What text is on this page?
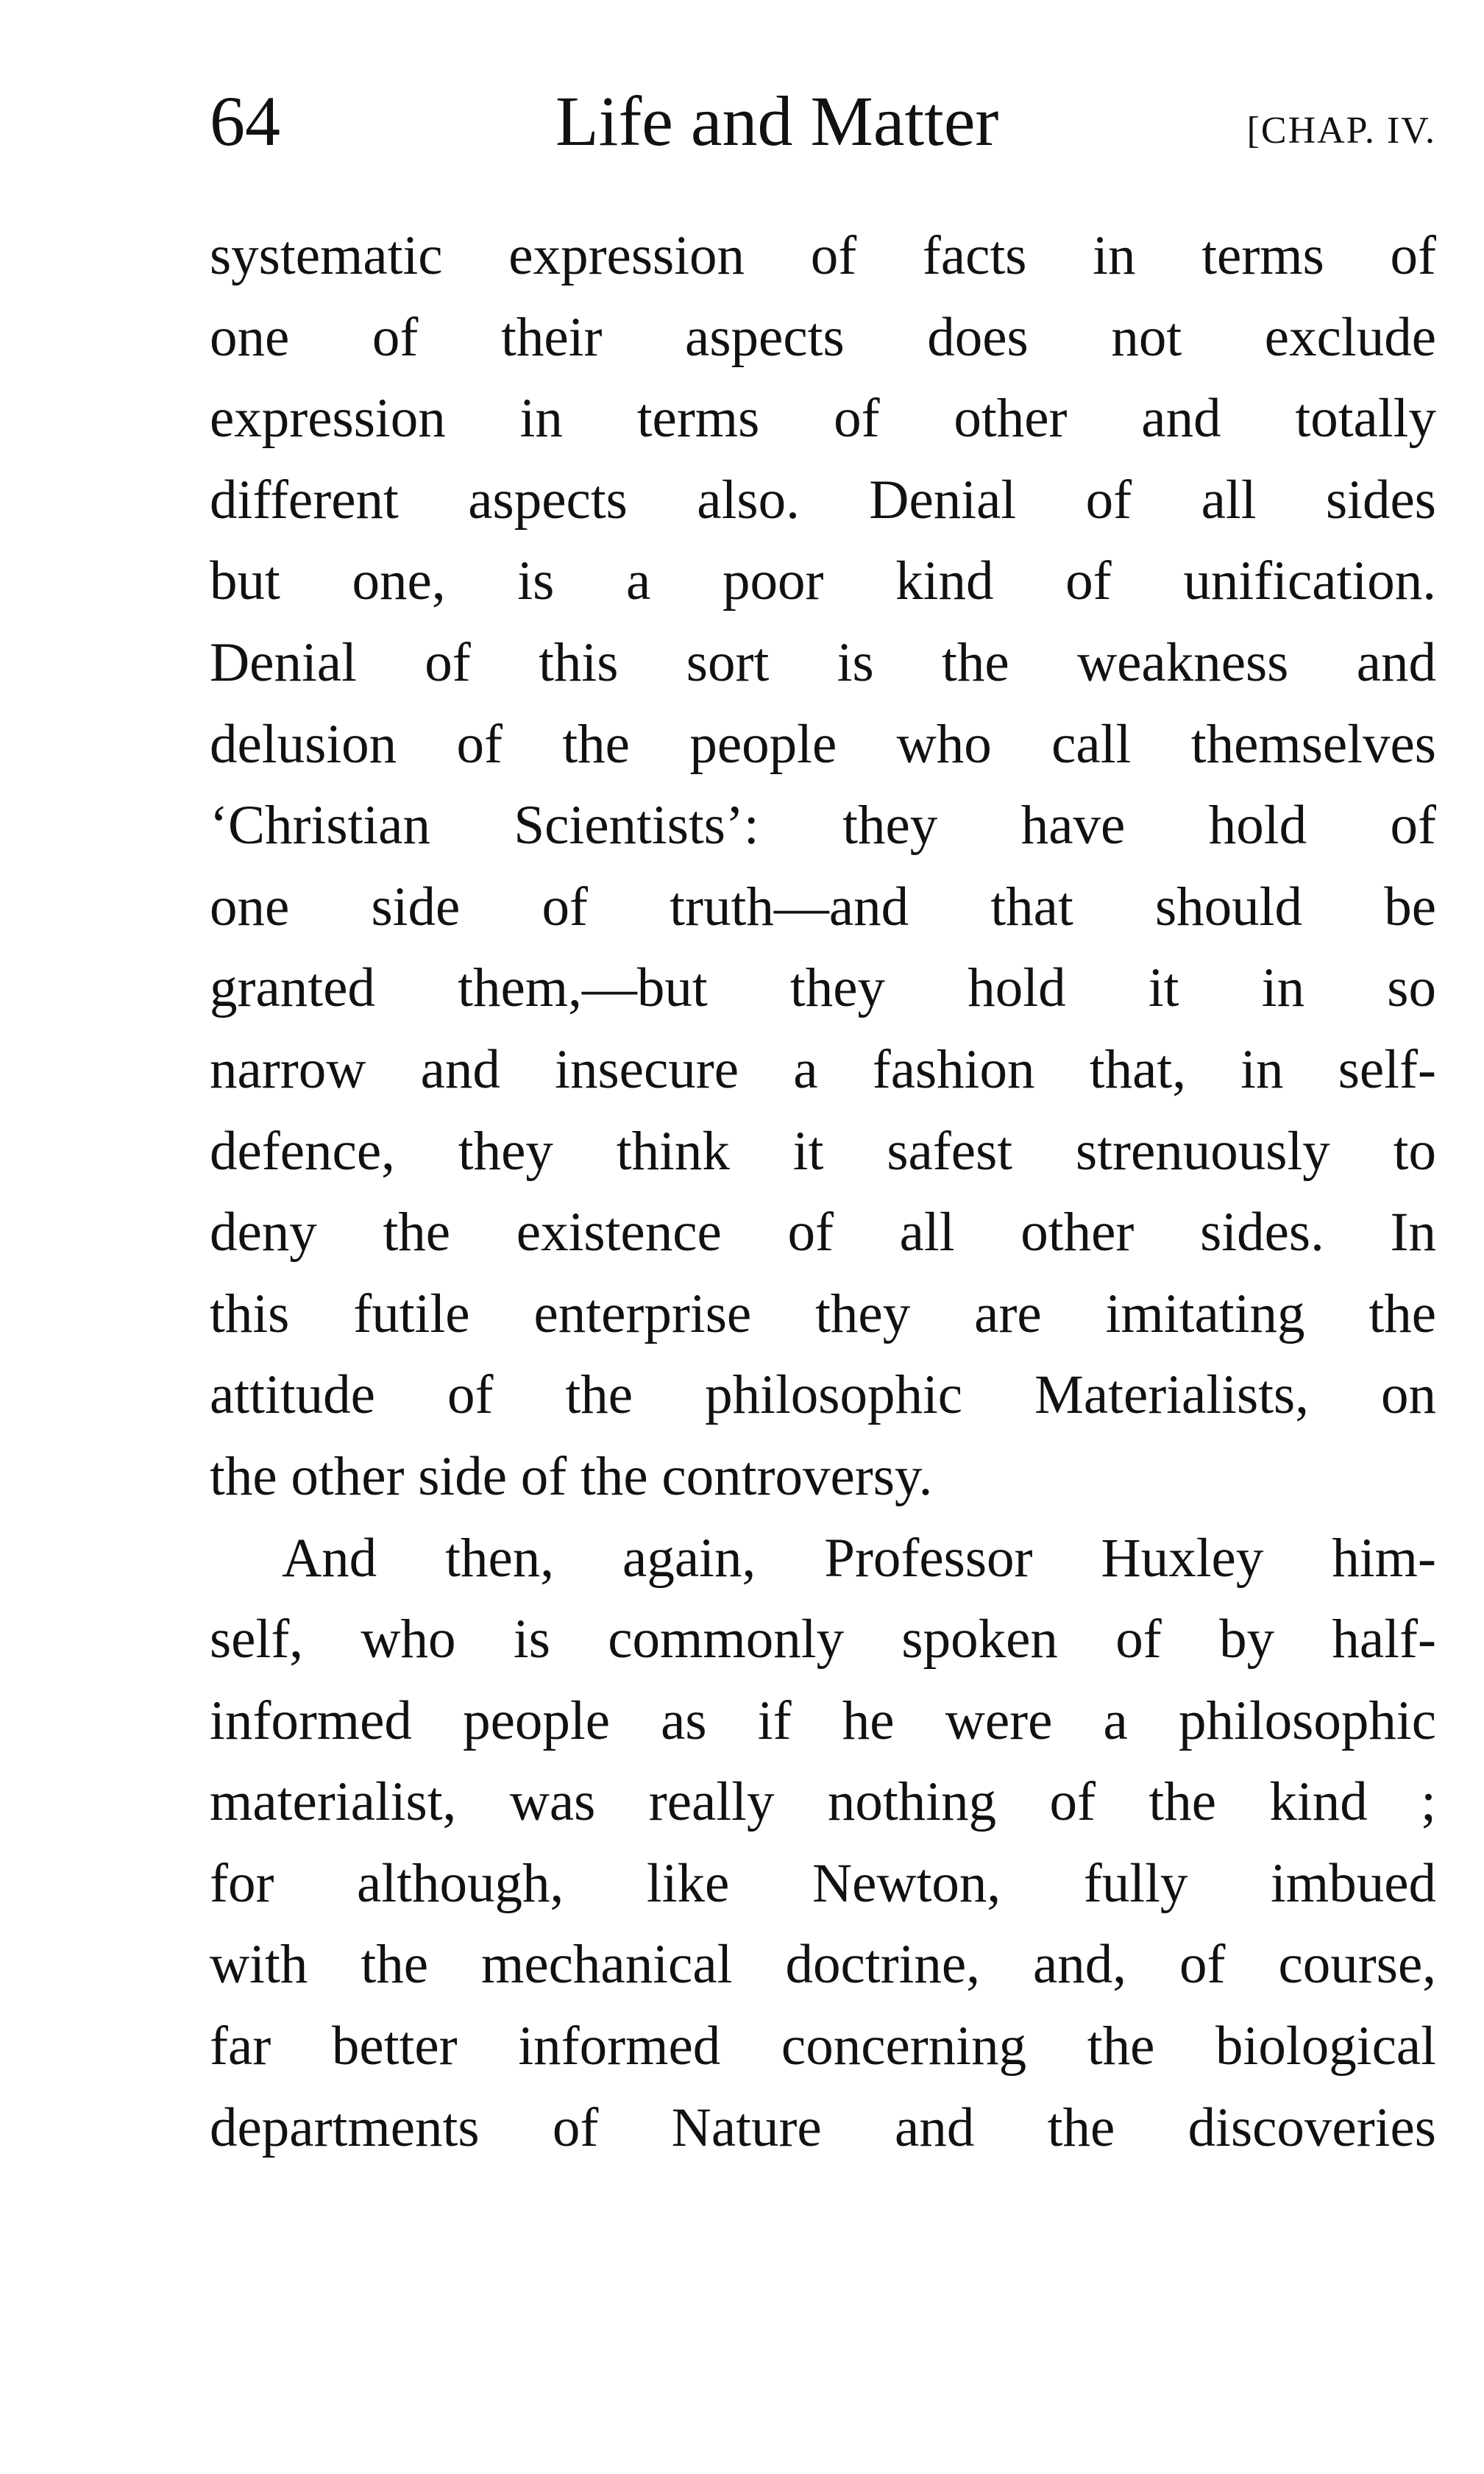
64	Life and Matter	[CHAP. IV.
systematic expression of facts in terms of
one of their aspects does not exclude
expression in terms of other and totally
different aspects also. Denial of all sides
but one, is a poor kind of unification.
Denial of this sort is the weakness and
delusion of the people who call themselves
‘Christian Scientists’: they have hold of
one side of truth—and that should be
granted them,—but they hold it in so
narrow and insecure a fashion that, in self-
defence, they think it safest strenuously to
deny the existence of all other sides. In
this futile enterprise they are imitating the
attitude of the philosophic Materialists, on
the other side of the controversy.
And then, again, Professor Huxley him-
self, who is commonly spoken of by half-
informed people as if he were a philosophic
materialist, was really nothing of the kind ;
for although, like Newton, fully imbued
with the mechanical doctrine, and, of course,
far better informed concerning the biological
departments of Nature and the discoveries
